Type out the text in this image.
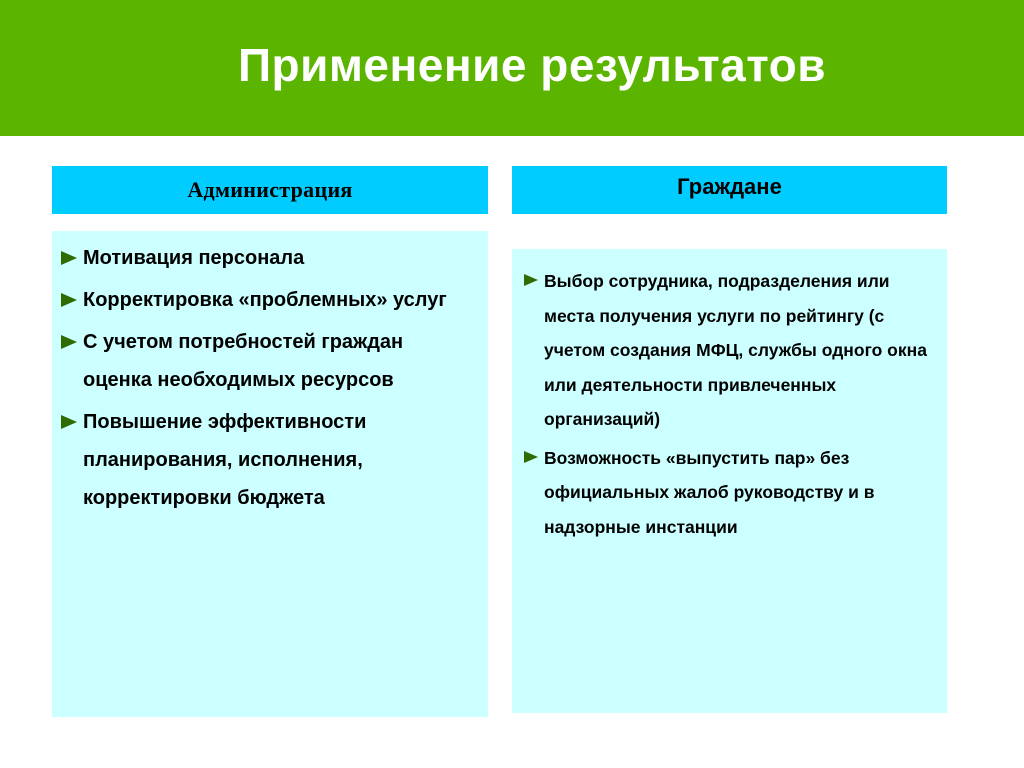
Применение результатов
Администрация	Граждане
Мотивация персонала
Корректировка «проблемных» услуг
С учетом потребностей граждан оценка необходимых ресурсов
Повышение эффективности планирования, исполнения, корректировки бюджета
Выбор сотрудника, подразделения или места получения услуги по рейтингу (с учетом создания МФЦ, службы одного окна или деятельности привлеченных организаций)
Возможность «выпустить пар» без официальных жалоб руководству и в надзорные инстанции
